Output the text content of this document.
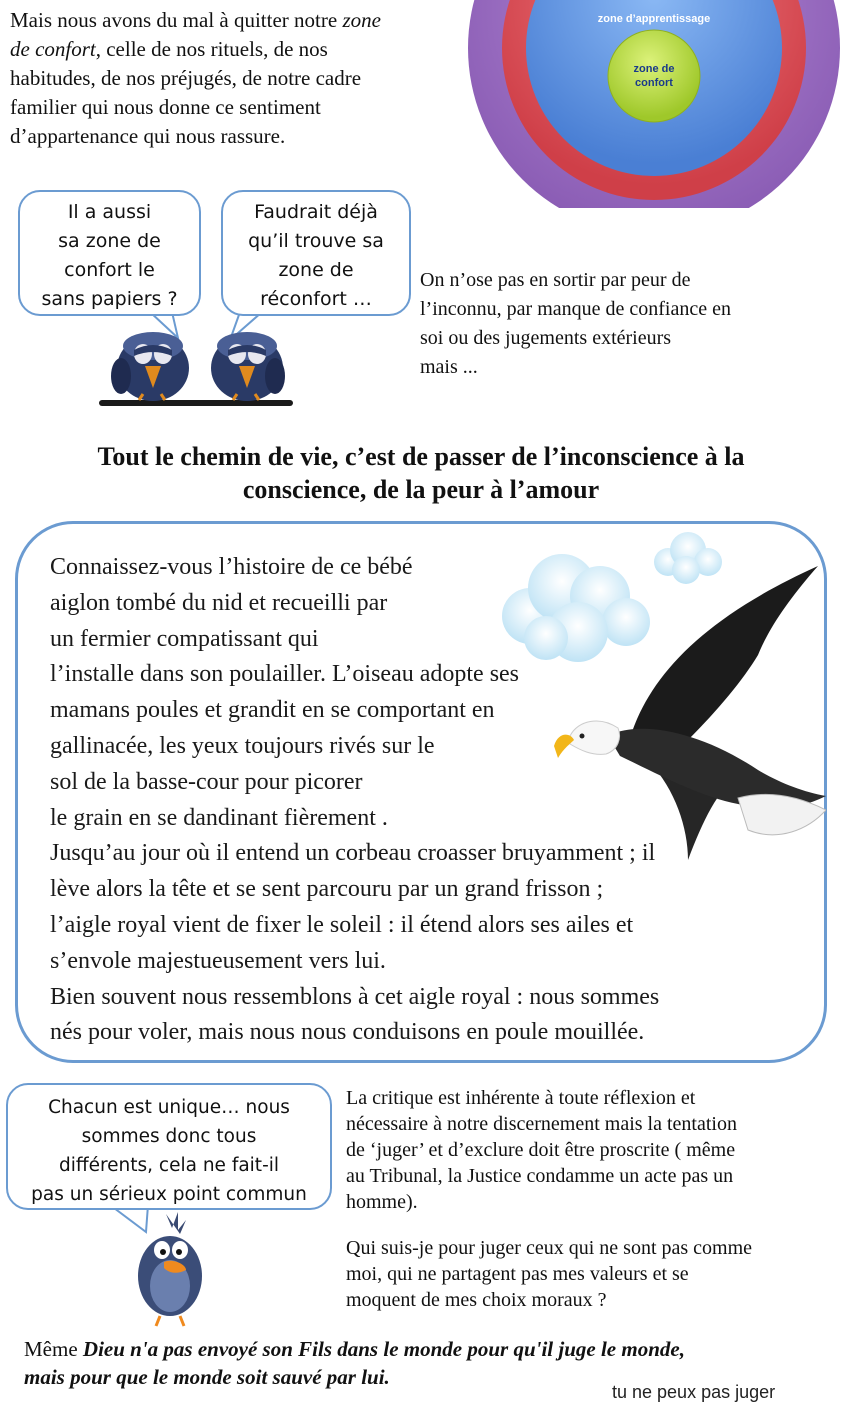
Mais nous avons du mal à quitter notre zone
de confort, celle de nos rituels, de nos
habitudes, de nos préjugés, de notre cadre
familier qui nous donne ce sentiment
d’appartenance qui nous rassure.
zone d’apprentissage
zone de
confort
Il a aussi
sa zone de
confort le
sans papiers ?
Faudrait déjà
qu’il trouve sa
zone de
réconfort …
On n’ose pas en sortir par peur de
l’inconnu, par manque de confiance en
soi ou des jugements extérieurs
mais ...
Tout le chemin de vie, c’est de passer de l’inconscience à la
conscience, de la peur à l’amour
Connaissez-vous l’histoire de ce bébé
aiglon tombé du nid et recueilli par
un fermier compatissant qui
l’installe dans son poulailler. L’oiseau adopte ses
mamans poules et grandit en se comportant en
gallinacée, les yeux toujours rivés sur le
sol de la basse-cour pour picorer
le grain en se dandinant fièrement .
Jusqu’au jour où il entend un corbeau croasser bruyamment ; il
lève alors la tête et se sent parcouru par un grand frisson ;
l’aigle royal vient de fixer le soleil : il étend alors ses ailes et
s’envole majestueusement vers lui.
Bien souvent nous ressemblons à cet aigle royal : nous sommes
nés pour voler, mais nous nous conduisons en poule mouillée.
Chacun est unique… nous
sommes donc tous
différents, cela ne fait-il
pas un sérieux point commun
La critique est inhérente à toute réflexion et
nécessaire à notre discernement mais la tentation
de ‘juger’ et d’exclure doit être proscrite ( même
au Tribunal, la Justice condamme un acte pas un
homme).
Qui suis-je pour juger ceux qui ne sont pas comme
moi, qui ne partagent pas mes valeurs et se
moquent de mes choix moraux ?
Même Dieu n'a pas envoyé son Fils dans le monde pour qu'il juge le monde,
mais pour que le monde soit sauvé par lui.
tu ne peux pas juger
